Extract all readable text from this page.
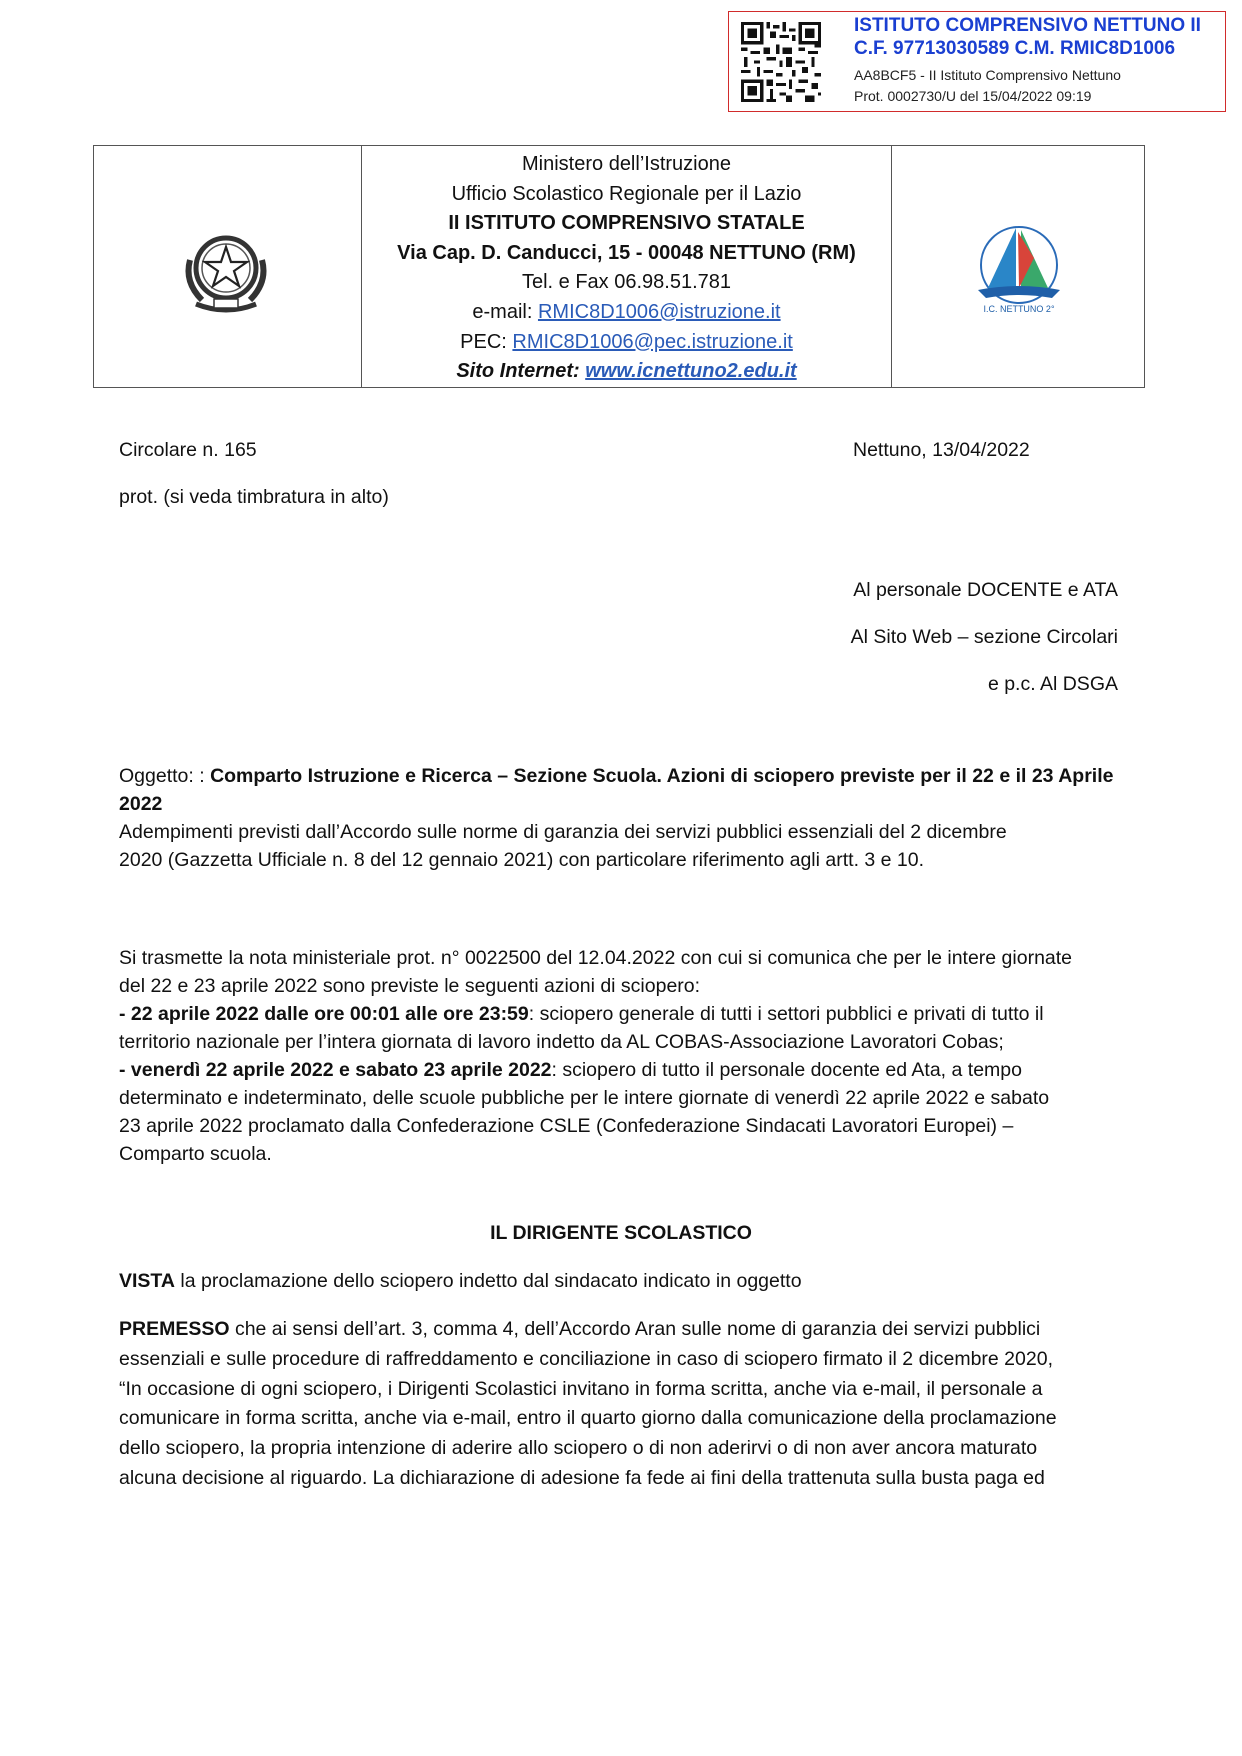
ISTITUTO COMPRENSIVO NETTUNO II
C.F. 97713030589 C.M. RMIC8D1006
AA8BCF5 - II Istituto Comprensivo Nettuno
Prot. 0002730/U del 15/04/2022 09:19
Ministero dell’Istruzione
Ufficio Scolastico Regionale per il Lazio
II ISTITUTO COMPRENSIVO STATALE
Via Cap. D. Canducci, 15 - 00048 NETTUNO (RM)
Tel. e Fax 06.98.51.781
e-mail: RMIC8D1006@istruzione.it
PEC: RMIC8D1006@pec.istruzione.it
Sito Internet: www.icnettuno2.edu.it
I.C. NETTUNO 2°
Circolare n. 165	Nettuno, 13/04/2022
prot. (si veda timbratura in alto)
Al personale DOCENTE e ATA
Al Sito Web – sezione Circolari
e p.c. Al DSGA
Oggetto: : Comparto Istruzione e Ricerca – Sezione Scuola. Azioni di sciopero previste per il 22 e il 23 Aprile
2022
Adempimenti previsti dall’Accordo sulle norme di garanzia dei servizi pubblici essenziali del 2 dicembre
2020 (Gazzetta Ufficiale n. 8 del 12 gennaio 2021) con particolare riferimento agli artt. 3 e 10.
Si trasmette la nota ministeriale prot. n° 0022500 del 12.04.2022 con cui si comunica che per le intere giornate
del 22 e 23 aprile 2022 sono previste le seguenti azioni di sciopero:
- 22 aprile 2022 dalle ore 00:01 alle ore 23:59: sciopero generale di tutti i settori pubblici e privati di tutto il
territorio nazionale per l’intera giornata di lavoro indetto da AL COBAS-Associazione Lavoratori Cobas;
- venerdì 22 aprile 2022 e sabato 23 aprile 2022: sciopero di tutto il personale docente ed Ata, a tempo
determinato e indeterminato, delle scuole pubbliche per le intere giornate di venerdì 22 aprile 2022 e sabato
23 aprile 2022 proclamato dalla Confederazione CSLE (Confederazione Sindacati Lavoratori Europei) –
Comparto scuola.
IL DIRIGENTE SCOLASTICO
VISTA la proclamazione dello sciopero indetto dal sindacato indicato in oggetto
PREMESSO che ai sensi dell’art. 3, comma 4, dell’Accordo Aran sulle nome di garanzia dei servizi pubblici
essenziali e sulle procedure di raffreddamento e conciliazione in caso di sciopero firmato il 2 dicembre 2020,
“In occasione di ogni sciopero, i Dirigenti Scolastici invitano in forma scritta, anche via e-mail, il personale a
comunicare in forma scritta, anche via e-mail, entro il quarto giorno dalla comunicazione della proclamazione
dello sciopero, la propria intenzione di aderire allo sciopero o di non aderirvi o di non aver ancora maturato
alcuna decisione al riguardo. La dichiarazione di adesione fa fede ai fini della trattenuta sulla busta paga ed
